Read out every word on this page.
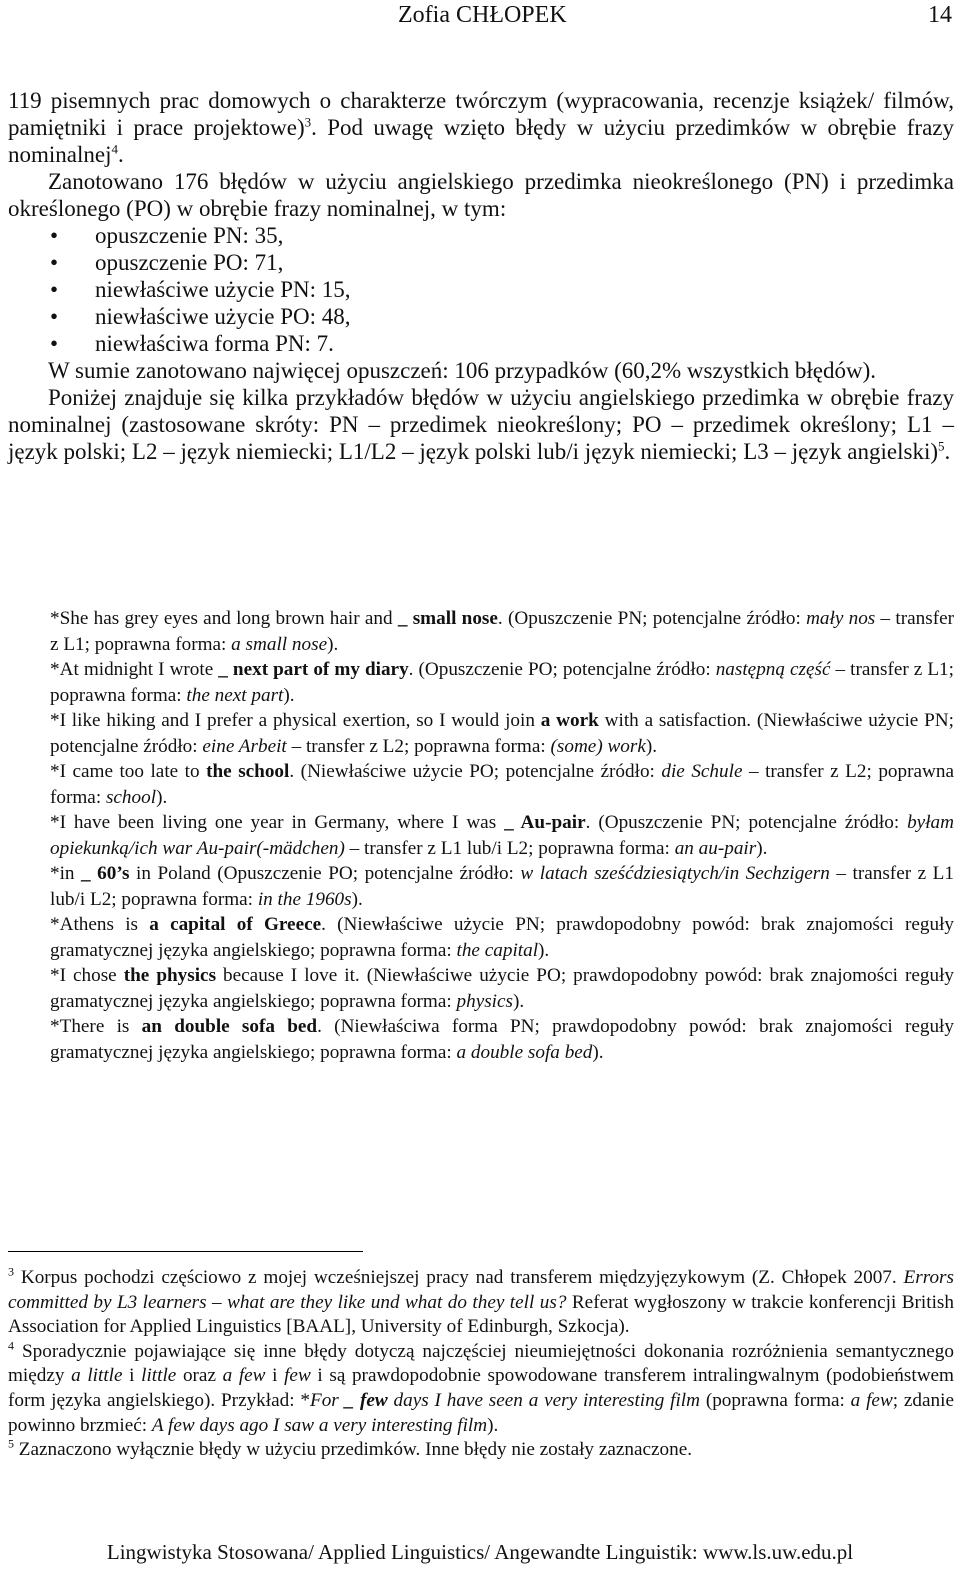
Zofia CHŁOPEK	14

119 pisemnych prac domowych o charakterze twórczym (wypracowania, recenzje książek/ filmów, pamiętniki i prace projektowe)$^3$. Pod uwagę wzięto błędy w użyciu przedimków w obrębie frazy nominalnej$^4$.

Zanotowano 176 błędów w użyciu angielskiego przedimka nieokreślonego (PN) i przedimka określonego (PO) w obrębie frazy nominalnej, w tym:

• opuszczenie PN: 35,
• opuszczenie PO: 71,
• niewłaściwe użycie PN: 15,
• niewłaściwe użycie PO: 48,
• niewłaściwa forma PN: 7.

W sumie zanotowano najwięcej opuszczeń: 106 przypadków (60,2% wszystkich błędów).

Poniżej znajduje się kilka przykładów błędów w użyciu angielskiego przedimka w obrębie frazy nominalnej (zastosowane skróty: PN – przedimek nieokreślony; PO – przedimek określony; L1 – język polski; L2 – język niemiecki; L1/L2 – język polski lub/i język niemiecki; L3 – język angielski)$^5$.

*She has grey eyes and long brown hair and _ small nose. (Opuszczenie PN; potencjalne źródło: mały nos – transfer z L1; poprawna forma: a small nose).

*At midnight I wrote _ next part of my diary. (Opuszczenie PO; potencjalne źródło: następną część – transfer z L1; poprawna forma: the next part).

*I like hiking and I prefer a physical exertion, so I would join a work with a satisfaction. (Niewłaściwe użycie PN; potencjalne źródło: eine Arbeit – transfer z L2; poprawna forma: (some) work).

*I came too late to the school. (Niewłaściwe użycie PO; potencjalne źródło: die Schule – transfer z L2; poprawna forma: school).

*I have been living one year in Germany, where I was _ Au-pair. (Opuszczenie PN; potencjalne źródło: byłam opiekunką/ich war Au-pair(-mädchen) – transfer z L1 lub/i L2; poprawna forma: an au-pair).

*in _ 60’s in Poland (Opuszczenie PO; potencjalne źródło: w latach sześćdziesiątych/in Sechzigern – transfer z L1 lub/i L2; poprawna forma: in the 1960s).

*Athens is a capital of Greece. (Niewłaściwe użycie PN; prawdopodobny powód: brak znajomości reguły gramatycznej języka angielskiego; poprawna forma: the capital).

*I chose the physics because I love it. (Niewłaściwe użycie PO; prawdopodobny powód: brak znajomości reguły gramatycznej języka angielskiego; poprawna forma: physics).

*There is an double sofa bed. (Niewłaściwa forma PN; prawdopodobny powód: brak znajomości reguły gramatycznej języka angielskiego; poprawna forma: a double sofa bed).

$^3$ Korpus pochodzi częściowo z mojej wcześniejszej pracy nad transferem międzyjęzykowym (Z. Chłopek 2007. Errors committed by L3 learners – what are they like und what do they tell us? Referat wygłoszony w trakcie konferencji British Association for Applied Linguistics [BAAL], University of Edinburgh, Szkocja).

$^4$ Sporadycznie pojawiające się inne błędy dotyczą najczęściej nieumiejętności dokonania rozróżnienia semantycznego między a little i little oraz a few i few i są prawdopodobnie spowodowane transferem intralingwalnym (podobieństwem form języka angielskiego). Przykład: *For _ few days I have seen a very interesting film (poprawna forma: a few; zdanie powinno brzmieć: A few days ago I saw a very interesting film).

$^5$ Zaznaczono wyłącznie błędy w użyciu przedimków. Inne błędy nie zostały zaznaczone.

Lingwistyka Stosowana/ Applied Linguistics/ Angewandte Linguistik: www.ls.uw.edu.pl
